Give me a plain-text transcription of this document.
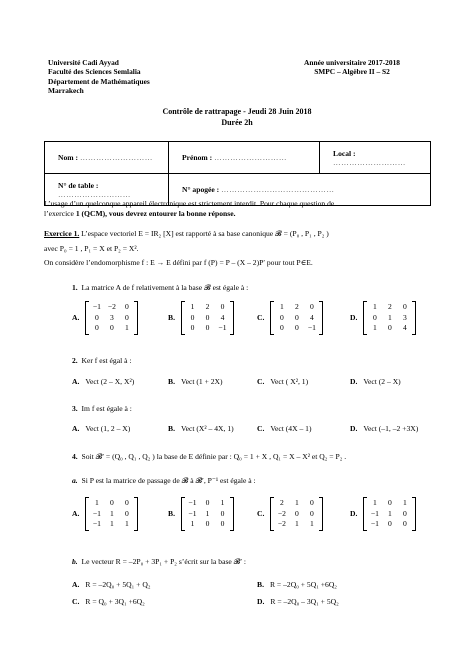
Université Cadi Ayyad
Faculté des Sciences Semlalia
Département de Mathématiques
Marrakech
Année universitaire 2017-2018
SMPC – Algèbre II – S2
Contrôle de rattrapage - Jeudi 28 Juin 2018
Durée 2h
Nom : ………………………	Prénom : ………………………	Local : ………………………
N° de table : ………………………	N° apogée : ……………………………………	
L’usage d’un quelconque appareil électronique est strictement interdit. Pour chaque question de
l’exercice 1 (QCM), vous devrez entourer la bonne réponse.
Exercice 1. L’espace vectoriel E = IR₂ [X] est rapporté à sa base canonique 𝓑 = (P₀ , P₁ , P₂ )
avec P₀ = 1 , P₁ = X et P₂ = X².
On considère l’endomorphisme f : E → E défini par f (P) = P – (X – 2)P′ pour tout P∈E.
1. La matrice A de f relativement à la base 𝓑 est égale à :
A.
−1 −2	0
0	3	0
0	0	1
B.
1	2	0
0	0	4
0	0	−1
C.
1	2	0
0	0	4
0	0	−1
D.
1	2	0
0	1	3
1	0	4
2. Ker f est égal à :
A. Vect (2 – X, X²)	B. Vect (1 + 2X)	C. Vect ( X², 1)	D. Vect (2 – X)
3. Im f est égale à :
A. Vect (1, 2 – X)	B. Vect (X² – 4X, 1)	C. Vect (4X – 1)	D. Vect (–1, –2 +3X)
4. Soit 𝓑′ = (Q₀ , Q₁ , Q₂ ) la base de E définie par : Q₀ = 1 + X , Q₁ = X – X² et Q₂ = P₂ .
a. Si P est la matrice de passage de 𝓑 à 𝓑′, P⁻¹ est égale à :
A.
1	0	0
−1	1	0
−1	1	1
B.
−1	0	1
−1	1	0
1	0	0
C.
2	1	0
−2	0	0
−2	1	1
D.
1	0	1
−1	1	0
−1	0	0
b. Le vecteur R = –2P₀ + 3P₁ + P₂ s’écrit sur la base 𝓑′ :
A. R = –2Q₀ + 5Q₁ + Q₂	B. R = –2Q₀ + 5Q₁ +6Q₂
C. R = Q₀ + 3Q₁ +6Q₂	D. R = –2Q₀ – 3Q₁ + 5Q₂
